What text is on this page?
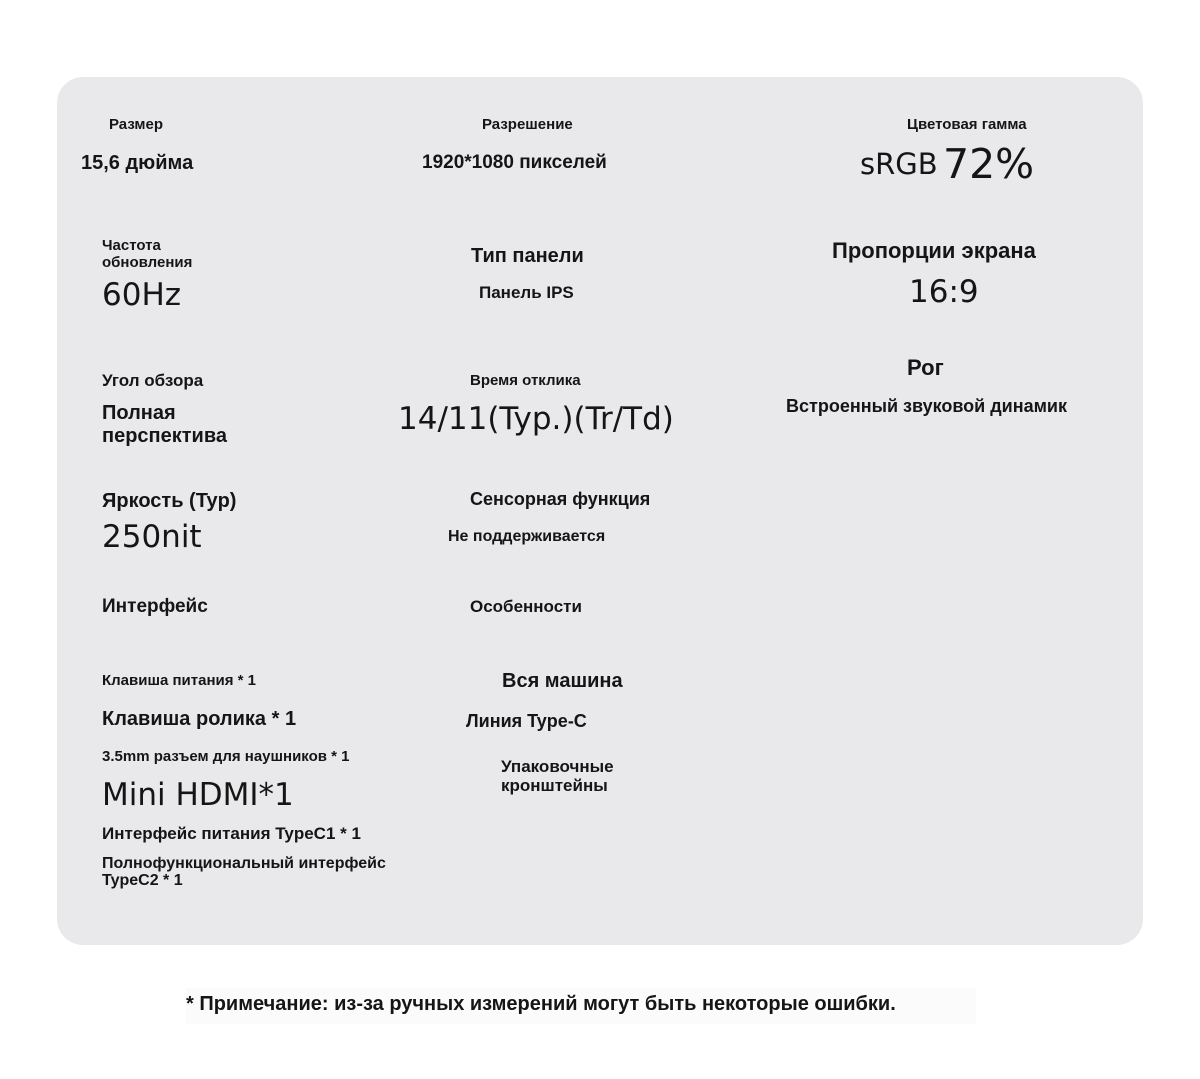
Размер
15,6 дюйма
Разрешение
1920*1080 пикселей
Цветовая гамма
sRGB 72%
Частота
обновления
60Hz
Тип панели
Панель IPS
Пропорции экрана
16:9
Угол обзора
Полная
перспектива
Время отклика
14/11(Typ.)(Tr/Td)
Рог
Встроенный звуковой динамик
Яркость (Typ)
250nit
Сенсорная функция
Не поддерживается
Интерфейс	Особенности
Клавиша питания * 1
Клавиша ролика * 1
3.5mm разъем для наушников * 1
Mini HDMI*1
Интерфейс питания TypeC1 * 1
Полнофункциональный интерфейс
TypeC2 * 1
Вся машина
Линия Type-C
Упаковочные
кронштейны
* Примечание: из-за ручных измерений могут быть некоторые ошибки.
